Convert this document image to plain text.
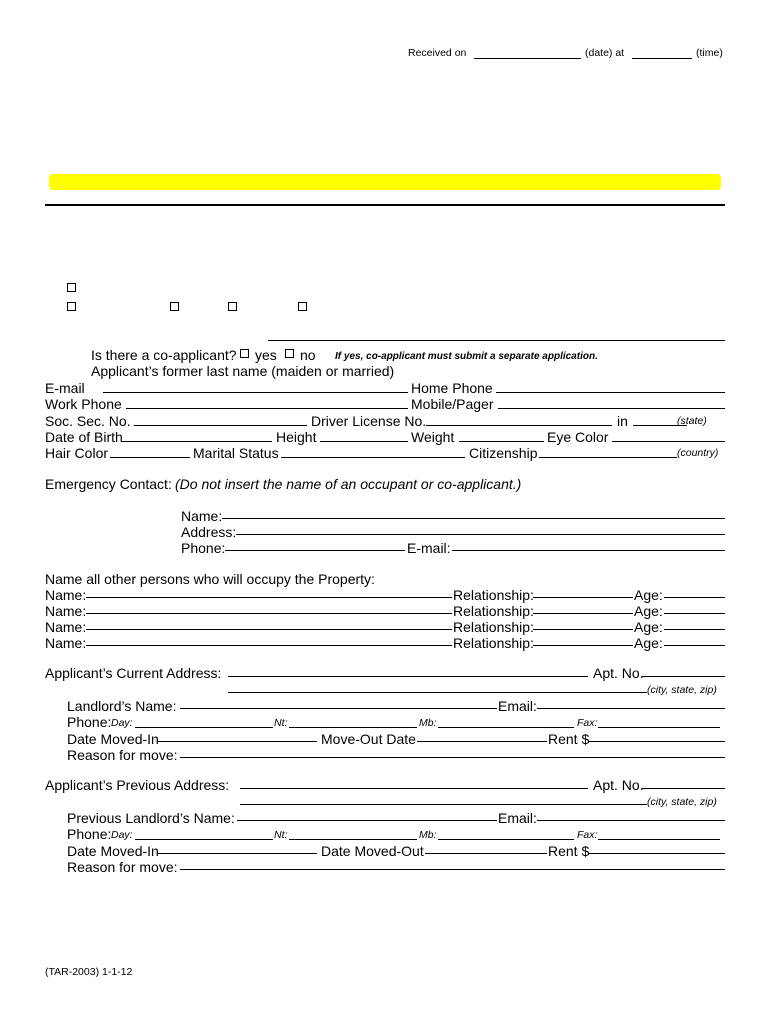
Received on	(date) at	(time)
Is there a co-applicant? yes no If yes, co-applicant must submit a separate application.
Applicant’s former last name (maiden or married)
E-mail	Home Phone
Work Phone	Mobile/Pager
Soc. Sec. No.	Driver License No.	in	(state)
Date of Birth	Height	Weight	Eye Color
Hair Color	Marital Status	Citizenship	(country)
Emergency Contact: (Do not insert the name of an occupant or co-applicant.)
Name:
Address:
Phone:	E-mail:
Name all other persons who will occupy the Property:
Name:	Relationship:	Age:
Name:	Relationship:	Age:
Name:	Relationship:	Age:
Name:	Relationship:	Age:
Applicant’s Current Address:	Apt. No.
(city, state, zip)
Landlord’s Name:	Email:
Phone: Day:	Nt:	Mb:	Fax:
Date Moved-In	Move-Out Date	Rent $
Reason for move:
Applicant’s Previous Address:	Apt. No.
(city, state, zip)
Previous Landlord’s Name:	Email:
Phone: Day:	Nt:	Mb:	Fax:
Date Moved-In	Date Moved-Out	Rent $
Reason for move:
(TAR-2003) 1-1-12
